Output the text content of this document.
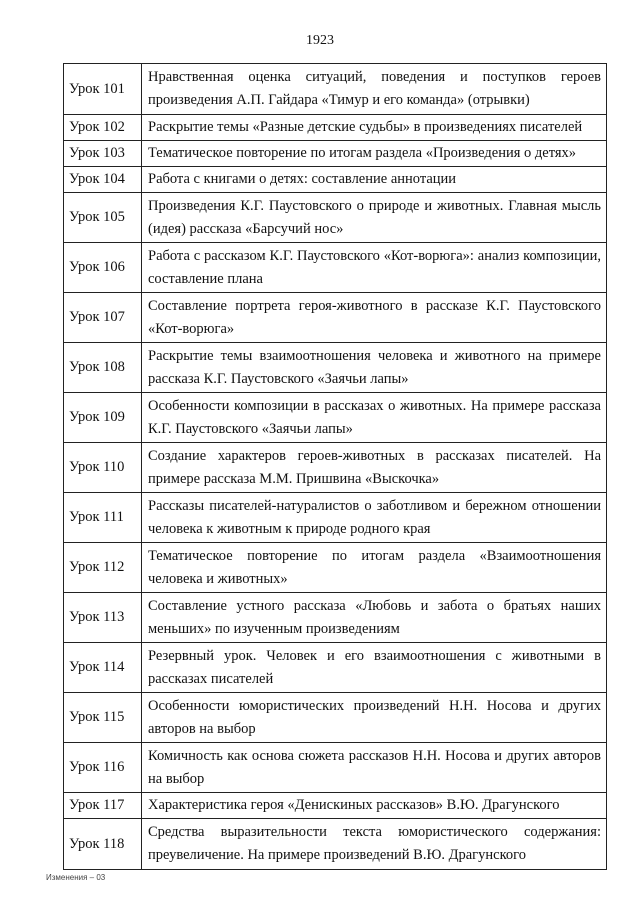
1923
Урок 101	Нравственная оценка ситуаций, поведения и поступков героев произведения А.П. Гайдара «Тимур и его команда» (отрывки)
Урок 102	Раскрытие темы «Разные детские судьбы» в произведениях писателей
Урок 103	Тематическое повторение по итогам раздела «Произведения о детях»
Урок 104	Работа с книгами о детях: составление аннотации
Урок 105	Произведения К.Г. Паустовского о природе и животных. Главная мысль (идея) рассказа «Барсучий нос»
Урок 106	Работа с рассказом К.Г. Паустовского «Кот-ворюга»: анализ композиции, составление плана
Урок 107	Составление портрета героя-животного в рассказе К.Г. Паустовского «Кот-ворюга»
Урок 108	Раскрытие темы взаимоотношения человека и животного на примере рассказа К.Г. Паустовского «Заячьи лапы»
Урок 109	Особенности композиции в рассказах о животных. На примере рассказа К.Г. Паустовского «Заячьи лапы»
Урок 110	Создание характеров героев-животных в рассказах писателей. На примере рассказа М.М. Пришвина «Выскочка»
Урок 111	Рассказы писателей-натуралистов о заботливом и бережном отношении человека к животным к природе родного края
Урок 112	Тематическое повторение по итогам раздела «Взаимоотношения человека и животных»
Урок 113	Составление устного рассказа «Любовь и забота о братьях наших меньших» по изученным произведениям
Урок 114	Резервный урок. Человек и его взаимоотношения с животными в рассказах писателей
Урок 115	Особенности юмористических произведений Н.Н. Носова и других авторов на выбор
Урок 116	Комичность как основа сюжета рассказов Н.Н. Носова и других авторов на выбор
Урок 117	Характеристика героя «Денискиных рассказов» В.Ю. Драгунского
Урок 118	Средства выразительности текста юмористического содержания: преувеличение. На примере произведений В.Ю. Драгунского
Изменения – 03
